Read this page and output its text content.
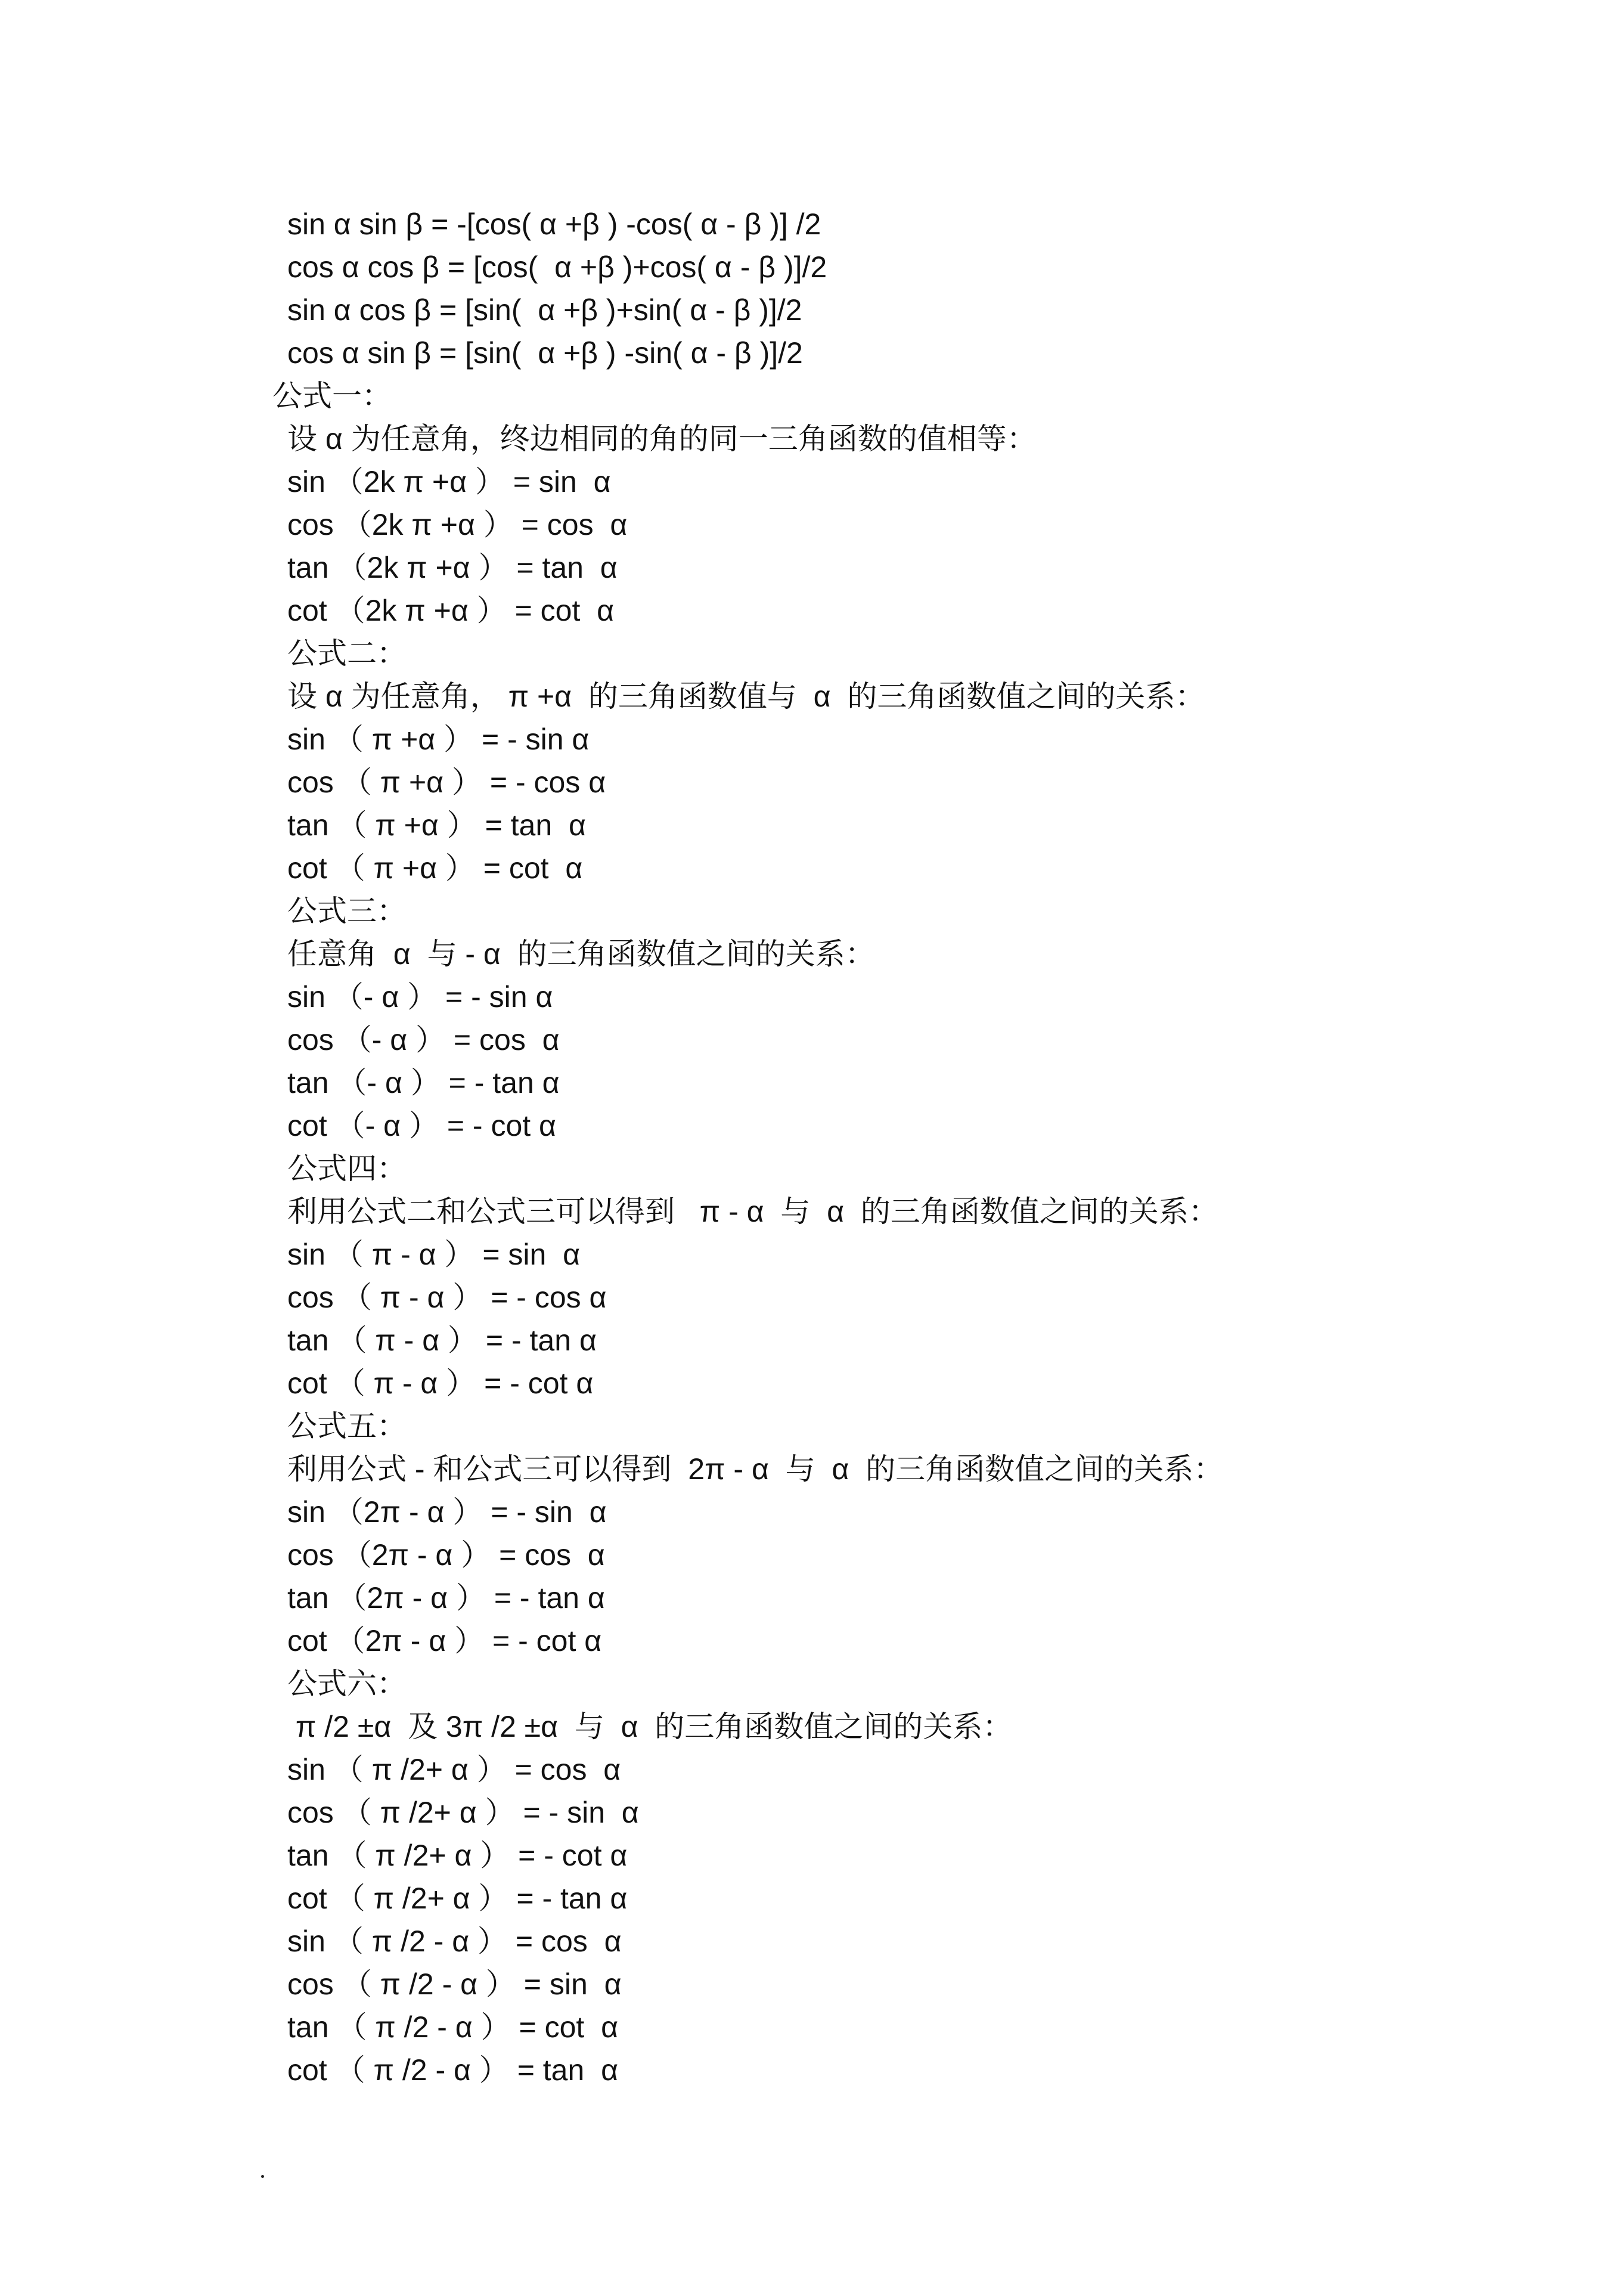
sin α sin β = -[cos( α +β ) -cos( α - β )] /2
cos α cos β = [cos(  α +β )+cos( α - β )]/2
sin α cos β = [sin(  α +β )+sin( α - β )]/2
cos α sin β = [sin(  α +β ) -sin( α - β )]/2
公式一：
设 α 为任意角，终边相同的角的同一三角函数的值相等：
sin （2k π +α ） = sin  α
cos （2k π +α ） = cos  α
tan （2k π +α ） = tan  α
cot （2k π +α ） = cot  α
公式二：
设 α 为任意角， π +α  的三角函数值与  α  的三角函数值之间的关系：
sin （ π +α ） = - sin α
cos （ π +α ） = - cos α
tan （ π +α ） = tan  α
cot （ π +α ） = cot  α
公式三：
任意角  α  与 - α  的三角函数值之间的关系：
sin （- α ） = - sin α
cos （- α ） = cos  α
tan （- α ） = - tan α
cot （- α ） = - cot α
公式四：
利用公式二和公式三可以得到   π - α  与  α  的三角函数值之间的关系：
sin （ π - α ） = sin  α
cos （ π - α ） = - cos α
tan （ π - α ） = - tan α
cot （ π - α ） = - cot α
公式五：
利用公式 - 和公式三可以得到  2π - α  与  α  的三角函数值之间的关系：
sin （2π - α ） = - sin  α
cos （2π - α ） = cos  α
tan （2π - α ） = - tan α
cot （2π - α ） = - cot α
公式六：
π /2 ±α  及 3π /2 ±α  与  α  的三角函数值之间的关系：
sin （ π /2+ α ） = cos  α
cos （ π /2+ α ） = - sin  α
tan （ π /2+ α ） = - cot α
cot （ π /2+ α ） = - tan α
sin （ π /2 - α ） = cos  α
cos （ π /2 - α ） = sin  α
tan （ π /2 - α ） = cot  α
cot （ π /2 - α ） = tan  α
